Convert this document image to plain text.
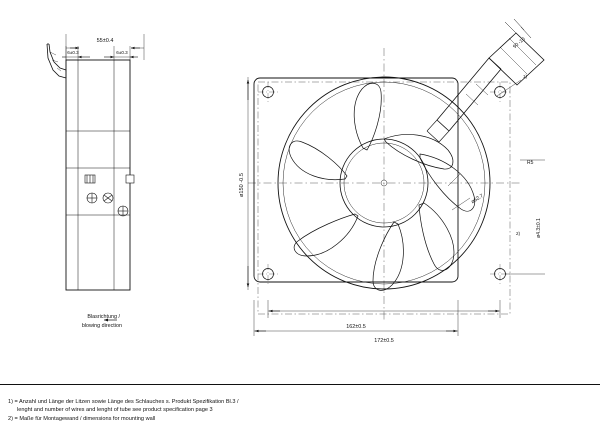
55±0.4
6±0.3	6±0.3
Blasrichtung /
blowing direction
ø150 -0.5
ø62.7
162±0.5
172±0.5
R5
ø4.3±0.1
90 -10
1)
2)
1) = Anzahl und Länge der Litzen sowie Länge des Schlauches s. Produkt Spezifikation Bl.3 /
lenght and number of wires and lenght of tube see product specification page 3
2) = Maße für Montagewand / dimensions for mounting wall
